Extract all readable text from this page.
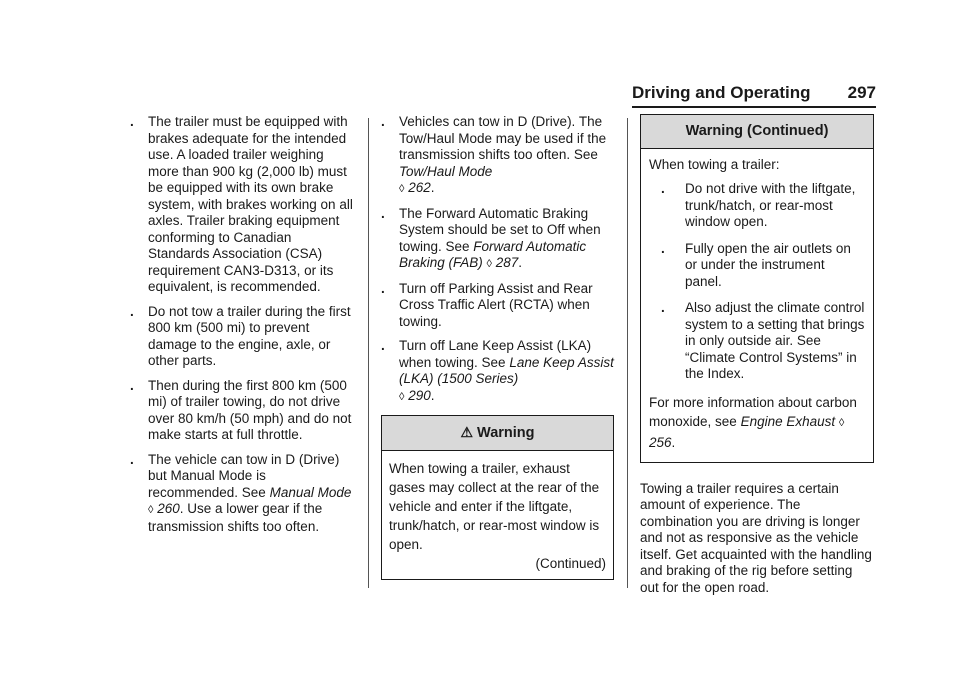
Driving and Operating 297
. The trailer must be equipped with brakes adequate for the intended use. A loaded trailer weighing more than 900 kg (2,000 lb) must be equipped with its own brake system, with brakes working on all axles. Trailer braking equipment conforming to Canadian Standards Association (CSA) requirement CAN3-D313, or its equivalent, is recommended.
. Do not tow a trailer during the first 800 km (500 mi) to prevent damage to the engine, axle, or other parts.
. Then during the first 800 km (500 mi) of trailer towing, do not drive over 80 km/h (50 mph) and do not make starts at full throttle.
. The vehicle can tow in D (Drive) but Manual Mode is recommended. See Manual Mode ◊ 260. Use a lower gear if the transmission shifts too often.
. Vehicles can tow in D (Drive). The Tow/Haul Mode may be used if the transmission shifts too often. See Tow/Haul Mode
◊ 262.
. The Forward Automatic Braking System should be set to Off when towing. See Forward Automatic Braking (FAB) ◊ 287.
. Turn off Parking Assist and Rear Cross Traffic Alert (RCTA) when towing.
. Turn off Lane Keep Assist (LKA) when towing. See Lane Keep Assist (LKA) (1500 Series)
◊ 290.
⚠ Warning
When towing a trailer, exhaust gases may collect at the rear of the vehicle and enter if the liftgate, trunk/hatch, or rear-most window is open.
(Continued)
Warning (Continued)
When towing a trailer:
. Do not drive with the liftgate, trunk/hatch, or rear-most window open.
. Fully open the air outlets on or under the instrument panel.
. Also adjust the climate control system to a setting that brings in only outside air. See “Climate Control Systems” in the Index.
For more information about carbon monoxide, see Engine Exhaust ◊ 256.
Towing a trailer requires a certain amount of experience. The combination you are driving is longer and not as responsive as the vehicle itself. Get acquainted with the handling and braking of the rig before setting out for the open road.
